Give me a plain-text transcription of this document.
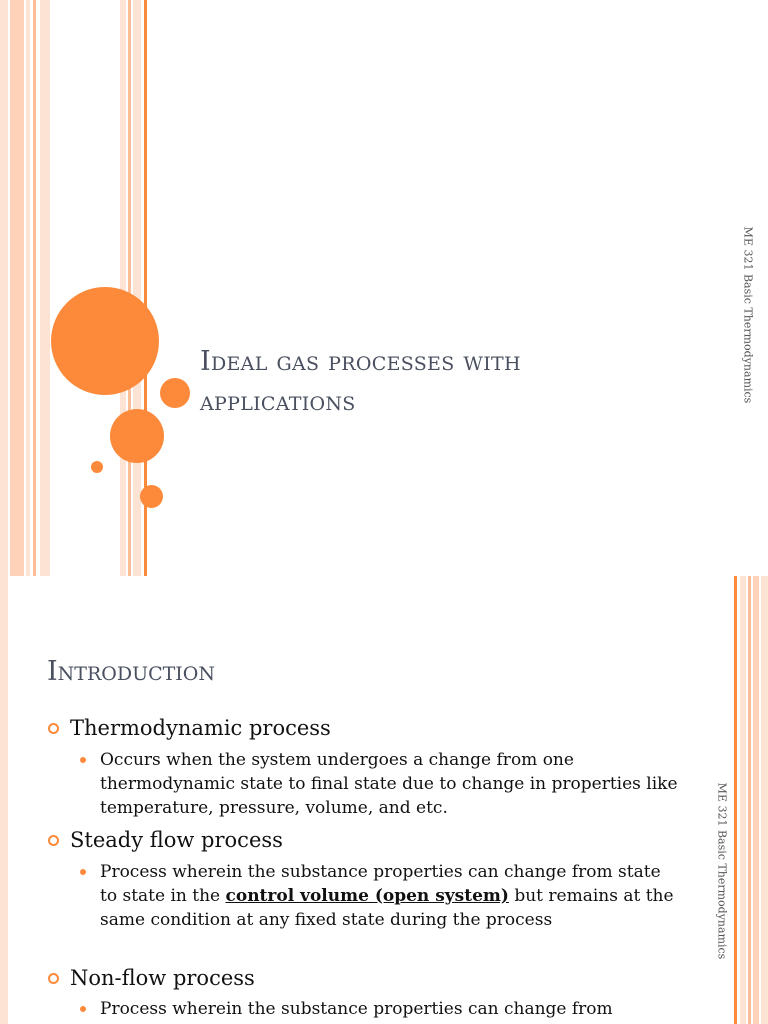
Ideal gas processes with applications	ME 321 Basic Thermodynamics
ME 321 Basic Thermodynamics
Introduction
Thermodynamic process
Occurs when the system undergoes a change from one thermodynamic state to final state due to change in properties like temperature, pressure, volume, and etc.
Steady flow process
Process wherein the substance properties can change from state to state in the control volume (open system) but remains at the same condition at any fixed state during the process
Non-flow process
Process wherein the substance properties can change from
